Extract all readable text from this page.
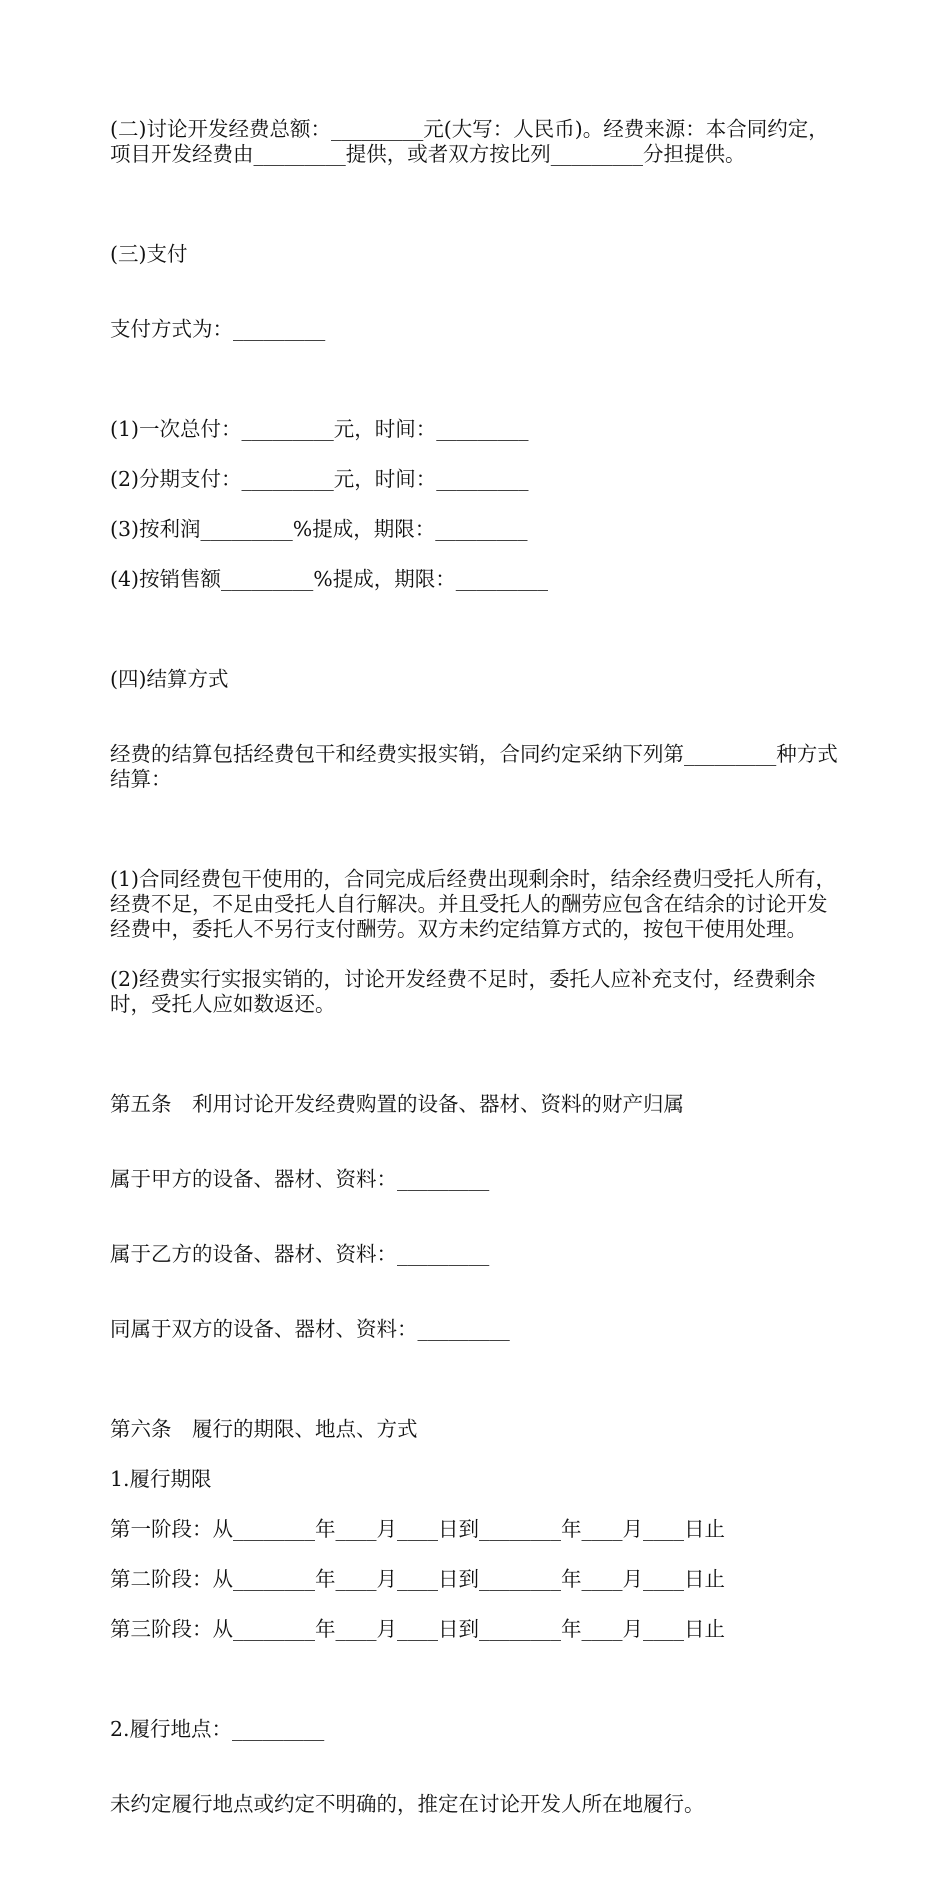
(二)讨论开发经费总额：_________元(大写：人民币)。经费来源：本合同约定，项目开发经费由_________提供，或者双方按比列_________分担提供。

(三)支付

支付方式为：_________

(1)一次总付：_________元，时间：_________

(2)分期支付：_________元，时间：_________

(3)按利润_________%提成，期限：_________

(4)按销售额_________%提成，期限：_________

(四)结算方式

经费的结算包括经费包干和经费实报实销，合同约定采纳下列第_________种方式结算：

(1)合同经费包干使用的，合同完成后经费出现剩余时，结余经费归受托人所有，经费不足，不足由受托人自行解决。并且受托人的酬劳应包含在结余的讨论开发经费中，委托人不另行支付酬劳。双方未约定结算方式的，按包干使用处理。

(2)经费实行实报实销的，讨论开发经费不足时，委托人应补充支付，经费剩余时，受托人应如数返还。

第五条　利用讨论开发经费购置的设备、器材、资料的财产归属

属于甲方的设备、器材、资料：_________

属于乙方的设备、器材、资料：_________

同属于双方的设备、器材、资料：_________

第六条　履行的期限、地点、方式

1.履行期限

第一阶段：从________年____月____日到________年____月____日止

第二阶段：从________年____月____日到________年____月____日止

第三阶段：从________年____月____日到________年____月____日止

2.履行地点：_________

未约定履行地点或约定不明确的，推定在讨论开发人所在地履行。
